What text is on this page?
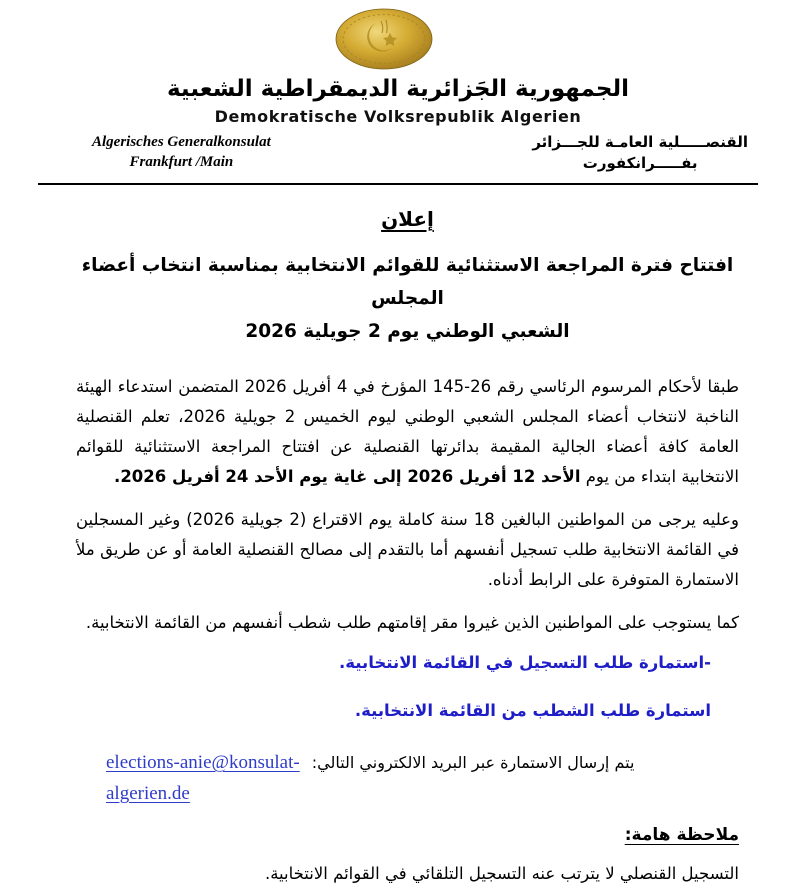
الجمهورية الجَزائرية الديمقراطية الشعبية
Demokratische Volksrepublik Algerien
Algerisches Generalkonsulat
Frankfurt /Main
القنصـــــلية العامـة للجـــزائر
بفـــــرانكفورت
إعلان
افتتاح فترة المراجعة الاستثنائية للقوائم الانتخابية بمناسبة انتخاب أعضاء المجلس
الشعبي الوطني يوم 2 جويلية 2026

طبقا لأحكام المرسوم الرئاسي رقم 26-145 المؤرخ في 4 أفريل 2026 المتضمن استدعاء الهيئة الناخبة لانتخاب أعضاء المجلس الشعبي الوطني ليوم الخميس 2 جويلية 2026، تعلم القنصلية العامة كافة أعضاء الجالية المقيمة بدائرتها القنصلية عن افتتاح المراجعة الاستثنائية للقوائم الانتخابية ابتداء من يوم الأحد 12 أفريل 2026 إلى غاية يوم الأحد 24 أفريل 2026.

وعليه يرجى من المواطنين البالغين 18 سنة كاملة يوم الاقتراع (2 جويلية 2026) وغير المسجلين في القائمة الانتخابية طلب تسجيل أنفسهم أما بالتقدم إلى مصالح القنصلية العامة أو عن طريق ملأ الاستمارة المتوفرة على الرابط أدناه.

كما يستوجب على المواطنين الذين غيروا مقر إقامتهم طلب شطب أنفسهم من القائمة الانتخابية.

-استمارة طلب التسجيل في القائمة الانتخابية.
استمارة طلب الشطب من القائمة الانتخابية.
elections-anie@konsulat- يتم إرسال الاستمارة عبر البريد الالكتروني التالي:
algerien.de
ملاحظة هامة:
التسجيل القنصلي لا يترتب عنه التسجيل التلقائي في القوائم الانتخابية.
